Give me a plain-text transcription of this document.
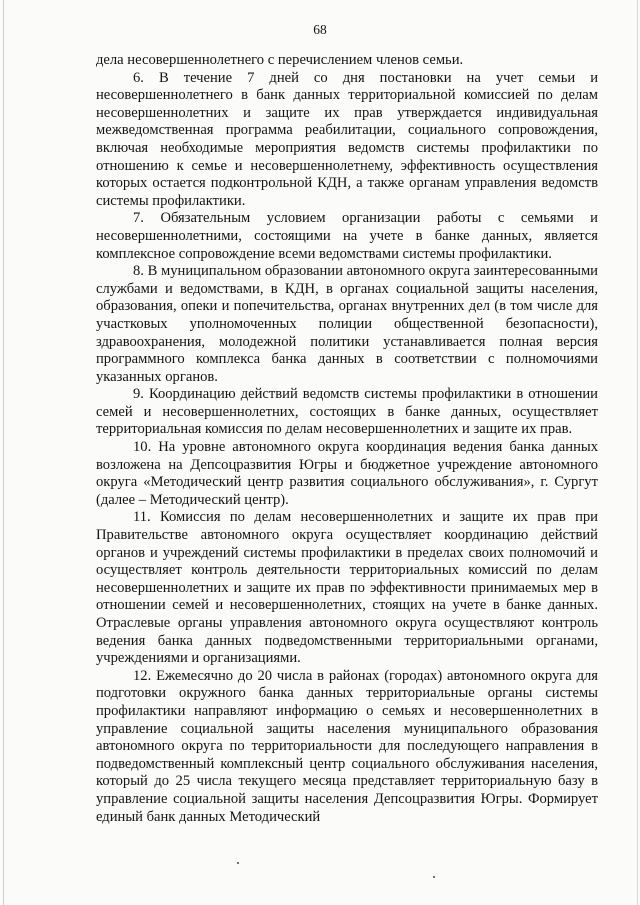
68

дела несовершеннолетнего с перечислением членов семьи.

6. В течение 7 дней со дня постановки на учет семьи и несовершеннолетнего в банк данных территориальной комиссией по делам несовершеннолетних и защите их прав утверждается индивидуальная межведомственная программа реабилитации, социального сопровождения, включая необходимые мероприятия ведомств системы профилактики по отношению к семье и несовершеннолетнему, эффективность осуществления которых остается подконтрольной КДН, а также органам управления ведомств системы профилактики.

7. Обязательным условием организации работы с семьями и несовершеннолетними, состоящими на учете в банке данных, является комплексное сопровождение всеми ведомствами системы профилактики.

8. В муниципальном образовании автономного округа заинтересованными службами и ведомствами, в КДН, в органах социальной защиты населения, образования, опеки и попечительства, органах внутренних дел (в том числе для участковых уполномоченных полиции общественной безопасности), здравоохранения, молодежной политики устанавливается полная версия программного комплекса банка данных в соответствии с полномочиями указанных органов.

9. Координацию действий ведомств системы профилактики в отношении семей и несовершеннолетних, состоящих в банке данных, осуществляет территориальная комиссия по делам несовершеннолетних и защите их прав.

10. На уровне автономного округа координация ведения банка данных возложена на Депсоцразвития Югры и бюджетное учреждение автономного округа «Методический центр развития социального обслуживания», г. Сургут (далее – Методический центр).

11. Комиссия по делам несовершеннолетних и защите их прав при Правительстве автономного округа осуществляет координацию действий органов и учреждений системы профилактики в пределах своих полномочий и осуществляет контроль деятельности территориальных комиссий по делам несовершеннолетних и защите их прав по эффективности принимаемых мер в отношении семей и несовершеннолетних, стоящих на учете в банке данных. Отраслевые органы управления автономного округа осуществляют контроль ведения банка данных подведомственными территориальными органами, учреждениями и организациями.

12. Ежемесячно до 20 числа в районах (городах) автономного округа для подготовки окружного банка данных территориальные органы системы профилактики направляют информацию о семьях и несовершеннолетних в управление социальной защиты населения муниципального образования автономного округа по территориальности для последующего направления в подведомственный комплексный центр социального обслуживания населения, который до 25 числа текущего месяца представляет территориальную базу в управление социальной защиты населения Депсоцразвития Югры. Формирует единый банк данных Методический
